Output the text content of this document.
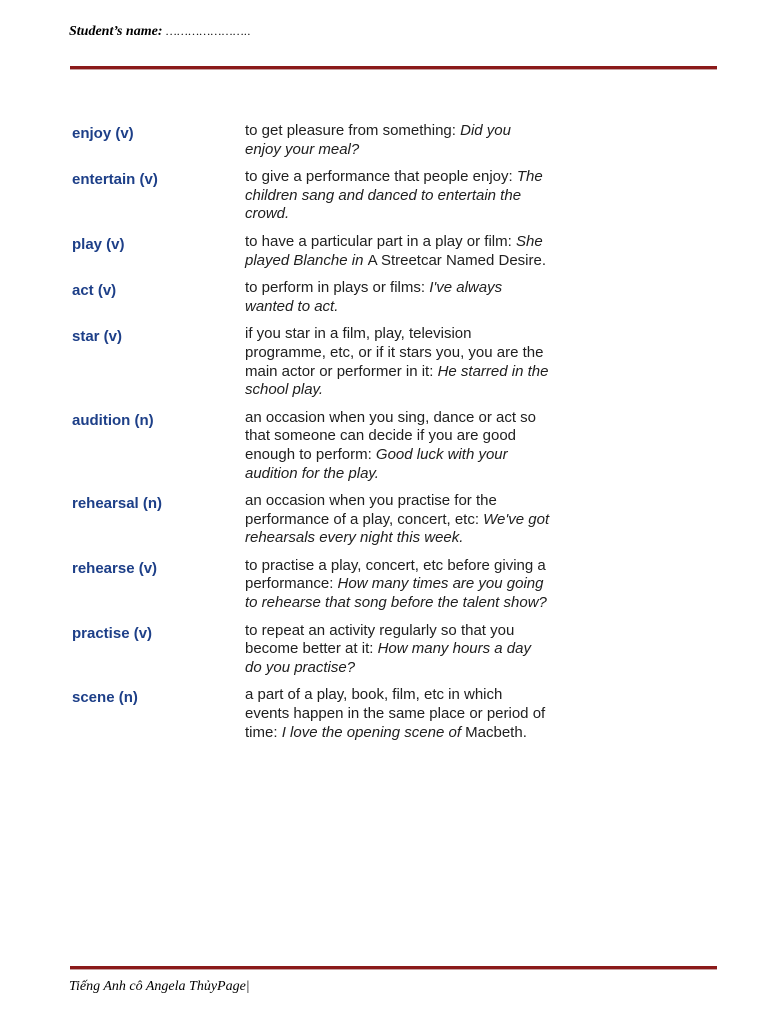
Student’s name: …………………..
enjoy (v)	to get pleasure from something: Did you enjoy your meal?
entertain (v)	to give a performance that people enjoy: The children sang and danced to entertain the crowd.
play (v)	to have a particular part in a play or film: She played Blanche in A Streetcar Named Desire.
act (v)	to perform in plays or films: I've always wanted to act.
star (v)	if you star in a film, play, television programme, etc, or if it stars you, you are the main actor or performer in it: He starred in the school play.
audition (n)	an occasion when you sing, dance or act so that someone can decide if you are good enough to perform: Good luck with your audition for the play.
rehearsal (n)	an occasion when you practise for the performance of a play, concert, etc: We've got rehearsals every night this week.
rehearse (v)	to practise a play, concert, etc before giving a performance: How many times are you going to rehearse that song before the talent show?
practise (v)	to repeat an activity regularly so that you become better at it: How many hours a day do you practise?
scene (n)	a part of a play, book, film, etc in which events happen in the same place or period of time: I love the opening scene of Macbeth.
Tiếng Anh cô Angela ThủyPage|
